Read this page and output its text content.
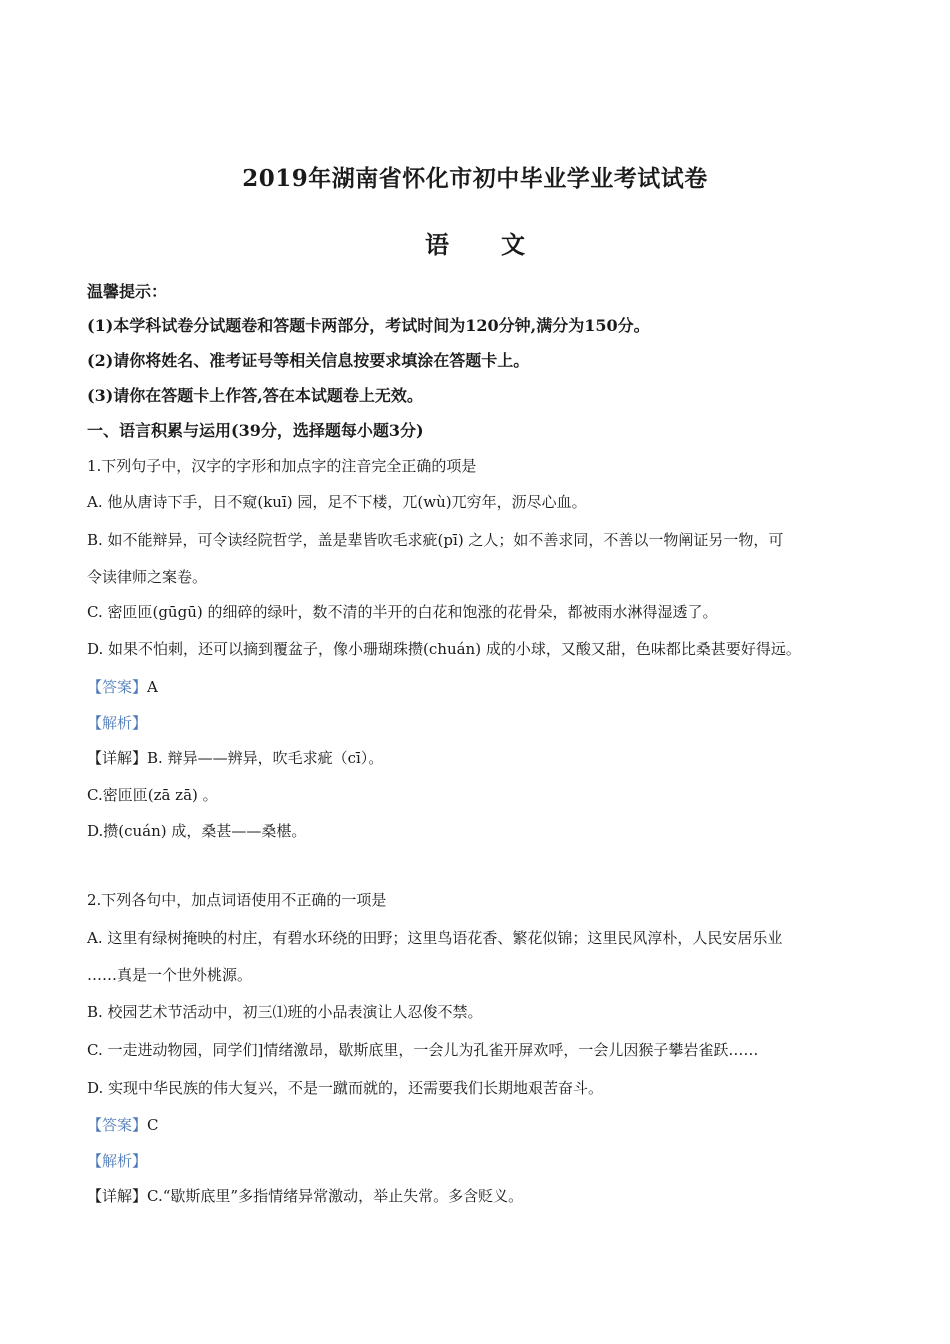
2019年湖南省怀化市初中毕业学业考试试卷
语 文
温馨提示：
(1)本学科试卷分试题卷和答题卡两部分，考试时间为120分钟,满分为150分。
(2)请你将姓名、准考证号等相关信息按要求填涂在答题卡上。
(3)请你在答题卡上作答,答在本试题卷上无效。
一、语言积累与运用(39分，选择题每小题3分)
1.下列句子中，汉字的字形和加点字的注音完全正确的项是
A. 他从唐诗下手，日不窥(kuī) 园，足不下楼，兀(wù)兀穷年，沥尽心血。
B. 如不能辩异，可令读经院哲学，盖是辈皆吹毛求疵(pī) 之人；如不善求同，不善以一物阐证另一物，可
令读律师之案卷。
C. 密匝匝(gūgū) 的细碎的绿叶，数不清的半开的白花和饱涨的花骨朵，都被雨水淋得湿透了。
D. 如果不怕刺，还可以摘到覆盆子，像小珊瑚珠攒(chuán) 成的小球，又酸又甜，色味都比桑甚要好得远。
【答案】A
【解析】
【详解】B. 辩异——辨异，吹毛求疵（cī）。
C.密匝匝(zā zā) 。
D.攒(cuán) 成，桑甚——桑椹。
2.下列各句中，加点词语使用不正确的一项是
A. 这里有绿树掩映的村庄，有碧水环绕的田野；这里鸟语花香、繁花似锦；这里民风淳朴，人民安居乐业
……真是一个世外桃源。
B. 校园艺术节活动中，初三⑴班的小品表演让人忍俊不禁。
C. 一走进动物园，同学们]情绪激昂，歇斯底里，一会儿为孔雀开屏欢呼，一会儿因猴子攀岩雀跃……
D. 实现中华民族的伟大复兴，不是一蹴而就的，还需要我们长期地艰苦奋斗。
【答案】C
【解析】
【详解】C.“歇斯底里”多指情绪异常激动，举止失常。多含贬义。
